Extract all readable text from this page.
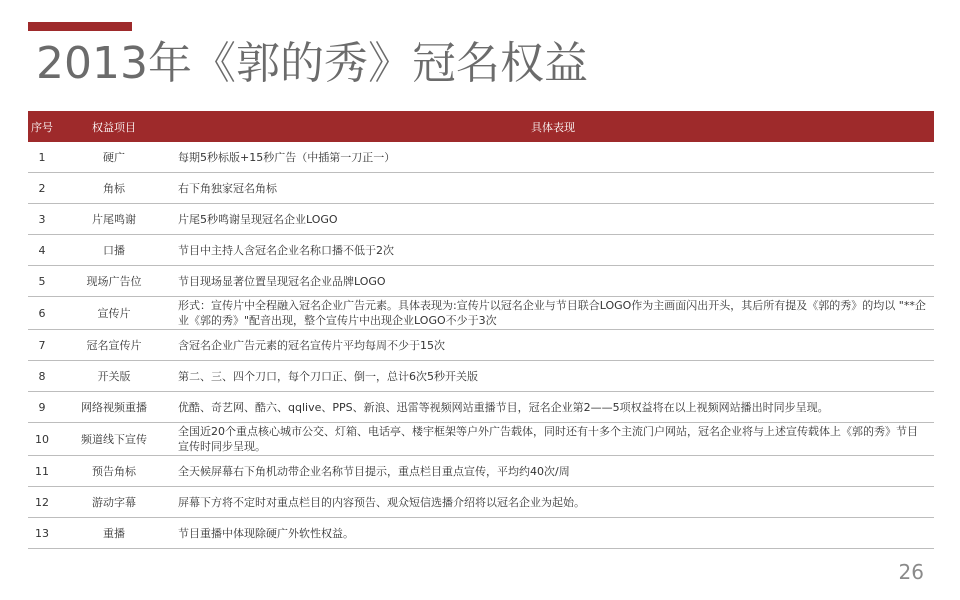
2013年《郭的秀》冠名权益
序号	权益项目	具体表现
1	硬广	每期5秒标版+15秒广告（中插第一刀正一）
2	角标	右下角独家冠名角标
3	片尾鸣谢	片尾5秒鸣谢呈现冠名企业LOGO
4	口播	节目中主持人含冠名企业名称口播不低于2次
5	现场广告位	节目现场显著位置呈现冠名企业品牌LOGO
6	宣传片	形式：宣传片中全程融入冠名企业广告元素。具体表现为:宣传片以冠名企业与节目联合LOGO作为主画面闪出开头，其后所有提及《郭的秀》的均以 "**企业《郭的秀》"配音出现，整个宣传片中出现企业LOGO不少于3次
7	冠名宣传片	含冠名企业广告元素的冠名宣传片平均每周不少于15次
8	开关版	第二、三、四个刀口，每个刀口正、倒一，总计6次5秒开关版
9	网络视频重播	优酷、奇艺网、酷六、qqlive、PPS、新浪、迅雷等视频网站重播节目，冠名企业第2——5项权益将在以上视频网站播出时同步呈现。
10	频道线下宣传	全国近20个重点核心城市公交、灯箱、电话亭、楼宇框架等户外广告载体，同时还有十多个主流门户网站，冠名企业将与上述宣传载体上《郭的秀》节目宣传时同步呈现。
11	预告角标	全天候屏幕右下角机动带企业名称节目提示，重点栏目重点宣传，平均约40次/周
12	游动字幕	屏幕下方将不定时对重点栏目的内容预告、观众短信选播介绍将以冠名企业为起始。
13	重播	节目重播中体现除硬广外软性权益。
26
